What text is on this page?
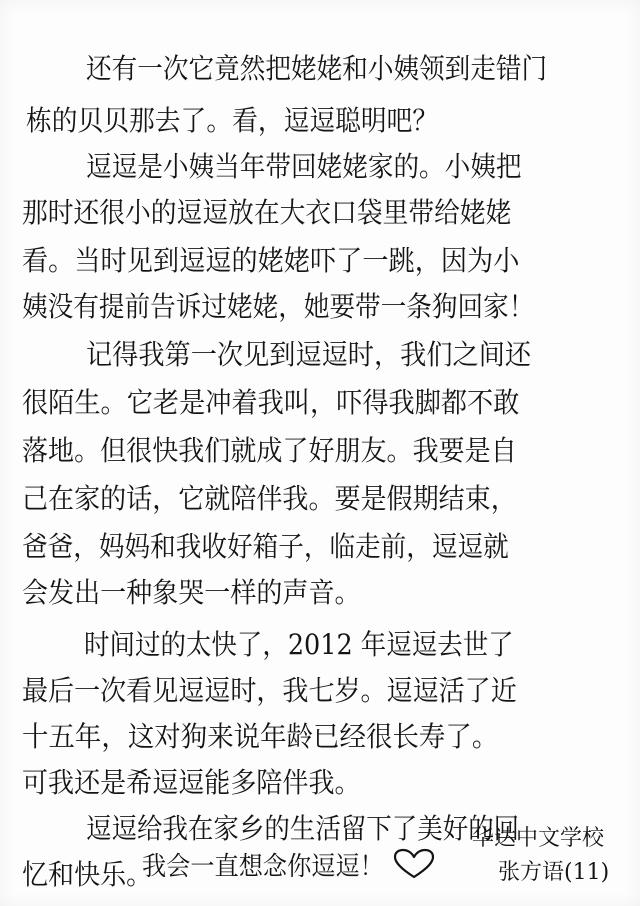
还有一次它竟然把姥姥和小姨领到走错门
栋的贝贝那去了。看，逗逗聪明吧？
逗逗是小姨当年带回姥姥家的。小姨把
那时还很小的逗逗放在大衣口袋里带给姥姥
看。当时见到逗逗的姥姥吓了一跳，因为小
姨没有提前告诉过姥姥，她要带一条狗回家！
记得我第一次见到逗逗时，我们之间还
很陌生。它老是冲着我叫，吓得我脚都不敢
落地。但很快我们就成了好朋友。我要是自
己在家的话，它就陪伴我。要是假期结束，
爸爸，妈妈和我收好箱子，临走前，逗逗就
会发出一种象哭一样的声音。
时间过的太快了，2012 年逗逗去世了
最后一次看见逗逗时，我七岁。逗逗活了近
十五年，这对狗来说年龄已经很长寿了。
可我还是希逗逗能多陪伴我。
逗逗给我在家乡的生活留下了美好的回
忆和快乐。
华达中文学校
我会一直想念你逗逗！	张方语(11)
